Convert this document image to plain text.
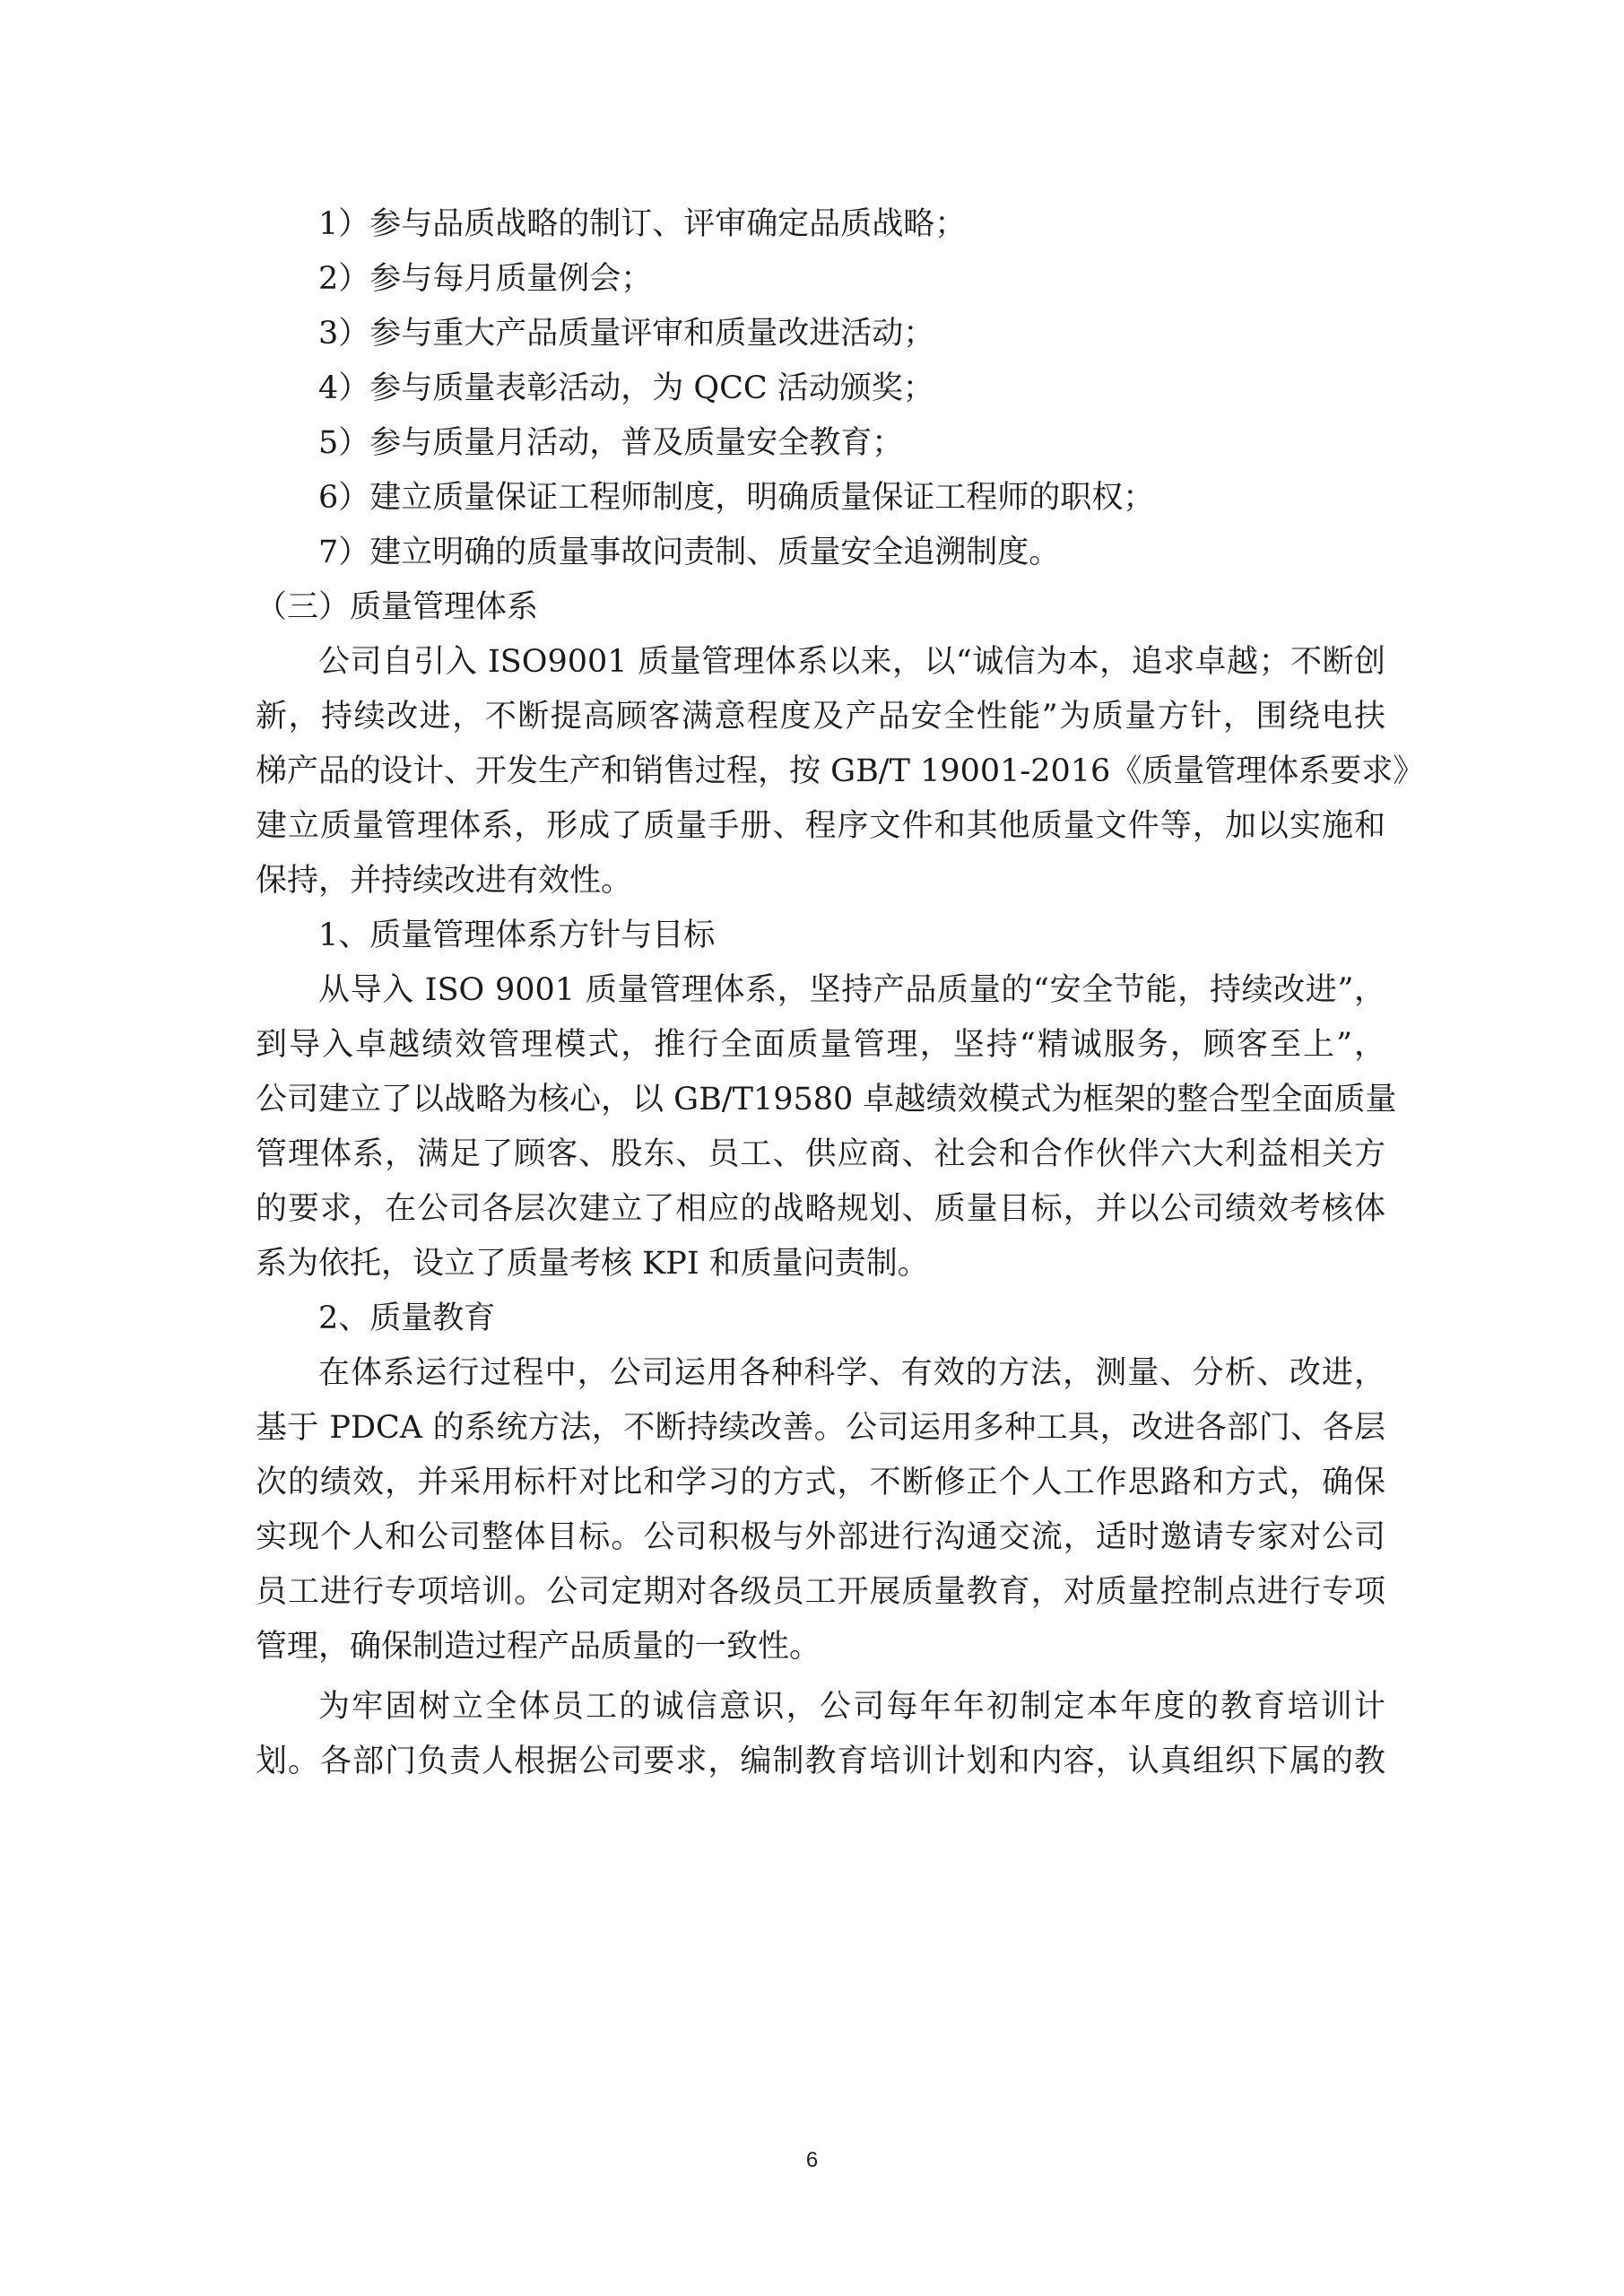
1）参与品质战略的制订、评审确定品质战略；

2）参与每月质量例会；

3）参与重大产品质量评审和质量改进活动；

4）参与质量表彰活动，为 QCC 活动颁奖；

5）参与质量月活动，普及质量安全教育；

6）建立质量保证工程师制度，明确质量保证工程师的职权；

7）建立明确的质量事故问责制、质量安全追溯制度。

（三）质量管理体系

公司自引入 ISO9001 质量管理体系以来，以“诚信为本，追求卓越；不断创
新，持续改进，不断提高顾客满意程度及产品安全性能”为质量方针，围绕电扶
梯产品的设计、开发生产和销售过程，按 GB/T 19001-2016《质量管理体系要求》
建立质量管理体系，形成了质量手册、程序文件和其他质量文件等，加以实施和
保持，并持续改进有效性。

1、质量管理体系方针与目标

从导入 ISO 9001 质量管理体系，坚持产品质量的“安全节能，持续改进”，
到导入卓越绩效管理模式，推行全面质量管理，坚持“精诚服务，顾客至上”，
公司建立了以战略为核心，以 GB/T19580 卓越绩效模式为框架的整合型全面质量
管理体系，满足了顾客、股东、员工、供应商、社会和合作伙伴六大利益相关方
的要求，在公司各层次建立了相应的战略规划、质量目标，并以公司绩效考核体
系为依托，设立了质量考核 KPI 和质量问责制。

2、质量教育

在体系运行过程中，公司运用各种科学、有效的方法，测量、分析、改进，
基于 PDCA 的系统方法，不断持续改善。公司运用多种工具，改进各部门、各层
次的绩效，并采用标杆对比和学习的方式，不断修正个人工作思路和方式，确保
实现个人和公司整体目标。公司积极与外部进行沟通交流，适时邀请专家对公司
员工进行专项培训。公司定期对各级员工开展质量教育，对质量控制点进行专项
管理，确保制造过程产品质量的一致性。
为牢固树立全体员工的诚信意识，公司每年年初制定本年度的教育培训计
划。各部门负责人根据公司要求，编制教育培训计划和内容，认真组织下属的教
6
